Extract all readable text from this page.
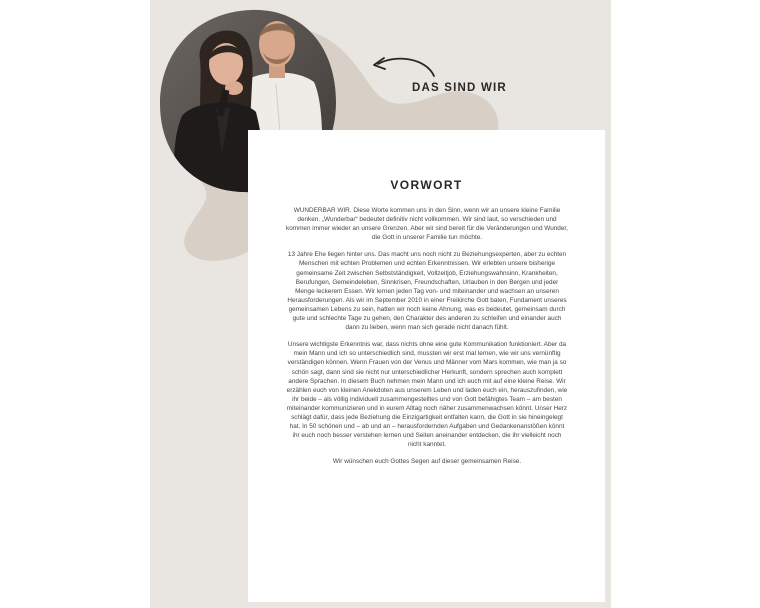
DAS SIND WIR
VORWORT

WUNDERBAR WIR. Diese Worte kommen uns in den Sinn, wenn wir an unsere kleine Familie denken. „Wunderbar“ bedeutet definitiv nicht vollkommen. Wir sind laut, so verschieden und kommen immer wieder an unsere Grenzen. Aber wir sind bereit für die Veränderungen und Wunder, die Gott in unserer Familie tun möchte.

13 Jahre Ehe liegen hinter uns. Das macht uns noch nicht zu Beziehungsexperten, aber zu echten Menschen mit echten Problemen und echten Erkenntnissen. Wir erlebten unsere bisherige gemeinsame Zeit zwischen Selbstständigkeit, Vollzeitjob, Erziehungswahnsinn, Krankheiten, Berufungen, Gemeindeleben, Sinnkrisen, Freundschaften, Urlauben in den Bergen und jeder Menge leckerem Essen. Wir lernen jeden Tag von- und miteinander und wachsen an unseren Herausforderungen. Als wir im September 2010 in einer Freikirche Gott baten, Fundament unseres gemeinsamen Lebens zu sein, hatten wir noch keine Ahnung, was es bedeutet, gemeinsam durch gute und schlechte Tage zu gehen, den Charakter des anderen zu schleifen und einander auch dann zu lieben, wenn man sich gerade nicht danach fühlt.

Unsere wichtigste Erkenntnis war, dass nichts ohne eine gute Kommunikation funktioniert. Aber da mein Mann und ich so unterschiedlich sind, mussten wir erst mal lernen, wie wir uns vernünftig verständigen können. Wenn Frauen von der Venus und Männer vom Mars kommen, wie man ja so schön sagt, dann sind sie nicht nur unterschiedlicher Herkunft, sondern sprechen auch komplett andere Sprachen. In diesem Buch nehmen mein Mann und ich euch mit auf eine kleine Reise. Wir erzählen euch von kleinen Anekdoten aus unserem Leben und laden euch ein, herauszufinden, wie ihr beide – als völlig individuell zusammengestelltes und von Gott befähigtes Team – am besten miteinander kommunizieren und in eurem Alltag noch näher zusammenwachsen könnt. Unser Herz schlägt dafür, dass jede Beziehung die Einzigartigkeit entfalten kann, die Gott in sie hineingelegt hat. In 50 schönen und – ab und an – herausfordernden Aufgaben und Gedankenanstößen könnt ihr euch noch besser verstehen lernen und Seiten aneinander entdecken, die ihr vielleicht noch nicht kanntet.

Wir wünschen euch Gottes Segen auf dieser gemeinsamen Reise.
